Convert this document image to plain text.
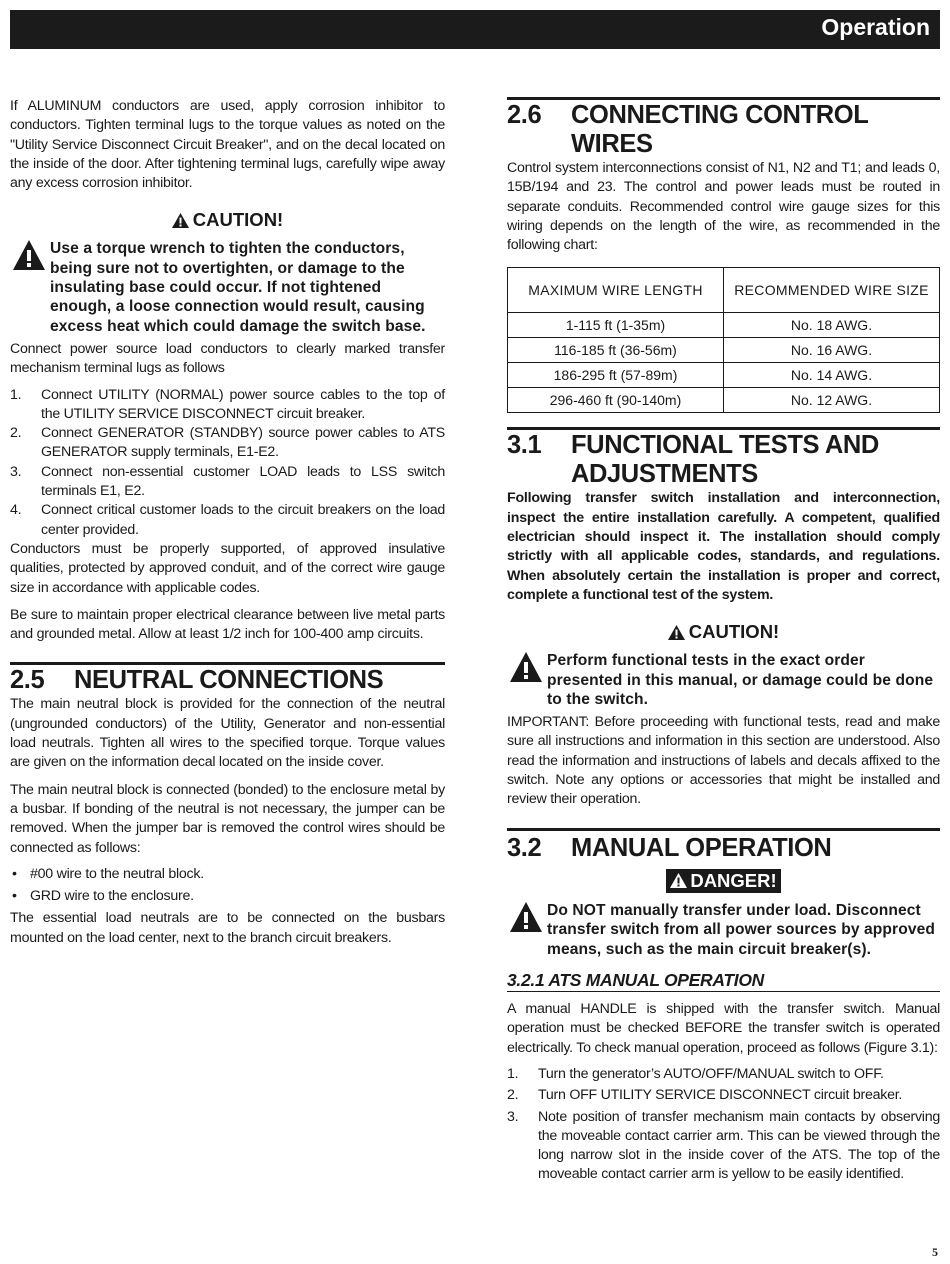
Operation

If ALUMINUM conductors are used, apply corrosion inhibitor to conductors. Tighten terminal lugs to the torque values as noted on the "Utility Service Disconnect Circuit Breaker", and on the decal located on the inside of the door. After tightening terminal lugs, carefully wipe away any excess corrosion inhibitor.

CAUTION!

Use a torque wrench to tighten the conductors, being sure not to overtighten, or damage to the insulating base could occur. If not tightened enough, a loose connection would result, causing excess heat which could damage the switch base.

Connect power source load conductors to clearly marked transfer mechanism terminal lugs as follows

1. Connect UTILITY (NORMAL) power source cables to the top of the UTILITY SERVICE DISCONNECT circuit breaker.
2. Connect GENERATOR (STANDBY) source power cables to ATS GENERATOR supply terminals, E1-E2.
3. Connect non-essential customer LOAD leads to LSS switch terminals E1, E2.
4. Connect critical customer loads to the circuit breakers on the load center provided.

Conductors must be properly supported, of approved insulative qualities, protected by approved conduit, and of the correct wire gauge size in accordance with applicable codes.

Be sure to maintain proper electrical clearance between live metal parts and grounded metal. Allow at least 1/2 inch for 100-400 amp circuits.

2.5	NEUTRAL CONNECTIONS

The main neutral block is provided for the connection of the neutral (ungrounded conductors) of the Utility, Generator and non-essential load neutrals. Tighten all wires to the specified torque. Torque values are given on the information decal located on the inside cover.

The main neutral block is connected (bonded) to the enclosure metal by a busbar. If bonding of the neutral is not necessary, the jumper can be removed. When the jumper bar is removed the control wires should be connected as follows:

• #00 wire to the neutral block.
• GRD wire to the enclosure.

The essential load neutrals are to be connected on the busbars mounted on the load center, next to the branch circuit breakers.

2.6	CONNECTING CONTROL WIRES

Control system interconnections consist of N1, N2 and T1; and leads 0, 15B/194 and 23. The control and power leads must be routed in separate conduits. Recommended control wire gauge sizes for this wiring depends on the length of the wire, as recommended in the following chart:

MAXIMUM WIRE LENGTH	RECOMMENDED WIRE SIZE
1-115 ft (1-35m)	No. 18 AWG.
116-185 ft (36-56m)	No. 16 AWG.
186-295 ft (57-89m)	No. 14 AWG.
296-460 ft (90-140m)	No. 12 AWG.
3.1	FUNCTIONAL TESTS AND ADJUSTMENTS

Following transfer switch installation and interconnection, inspect the entire installation carefully. A competent, qualified electrician should inspect it. The installation should comply strictly with all applicable codes, standards, and regulations. When absolutely certain the installation is proper and correct, complete a functional test of the system.

CAUTION!

Perform functional tests in the exact order presented in this manual, or damage could be done to the switch.

IMPORTANT: Before proceeding with functional tests, read and make sure all instructions and information in this section are understood. Also read the information and instructions of labels and decals affixed to the switch. Note any options or accessories that might be installed and review their operation.

3.2	MANUAL OPERATION
DANGER!

Do NOT manually transfer under load. Disconnect transfer switch from all power sources by approved means, such as the main circuit breaker(s).

3.2.1 ATS MANUAL OPERATION

A manual HANDLE is shipped with the transfer switch. Manual operation must be checked BEFORE the transfer switch is operated electrically. To check manual operation, proceed as follows (Figure 3.1):

1. Turn the generator’s AUTO/OFF/MANUAL switch to OFF.
2. Turn OFF UTILITY SERVICE DISCONNECT circuit breaker.
3. Note position of transfer mechanism main contacts by observing the moveable contact carrier arm. This can be viewed through the long narrow slot in the inside cover of the ATS. The top of the moveable contact carrier arm is yellow to be easily identified.
5
